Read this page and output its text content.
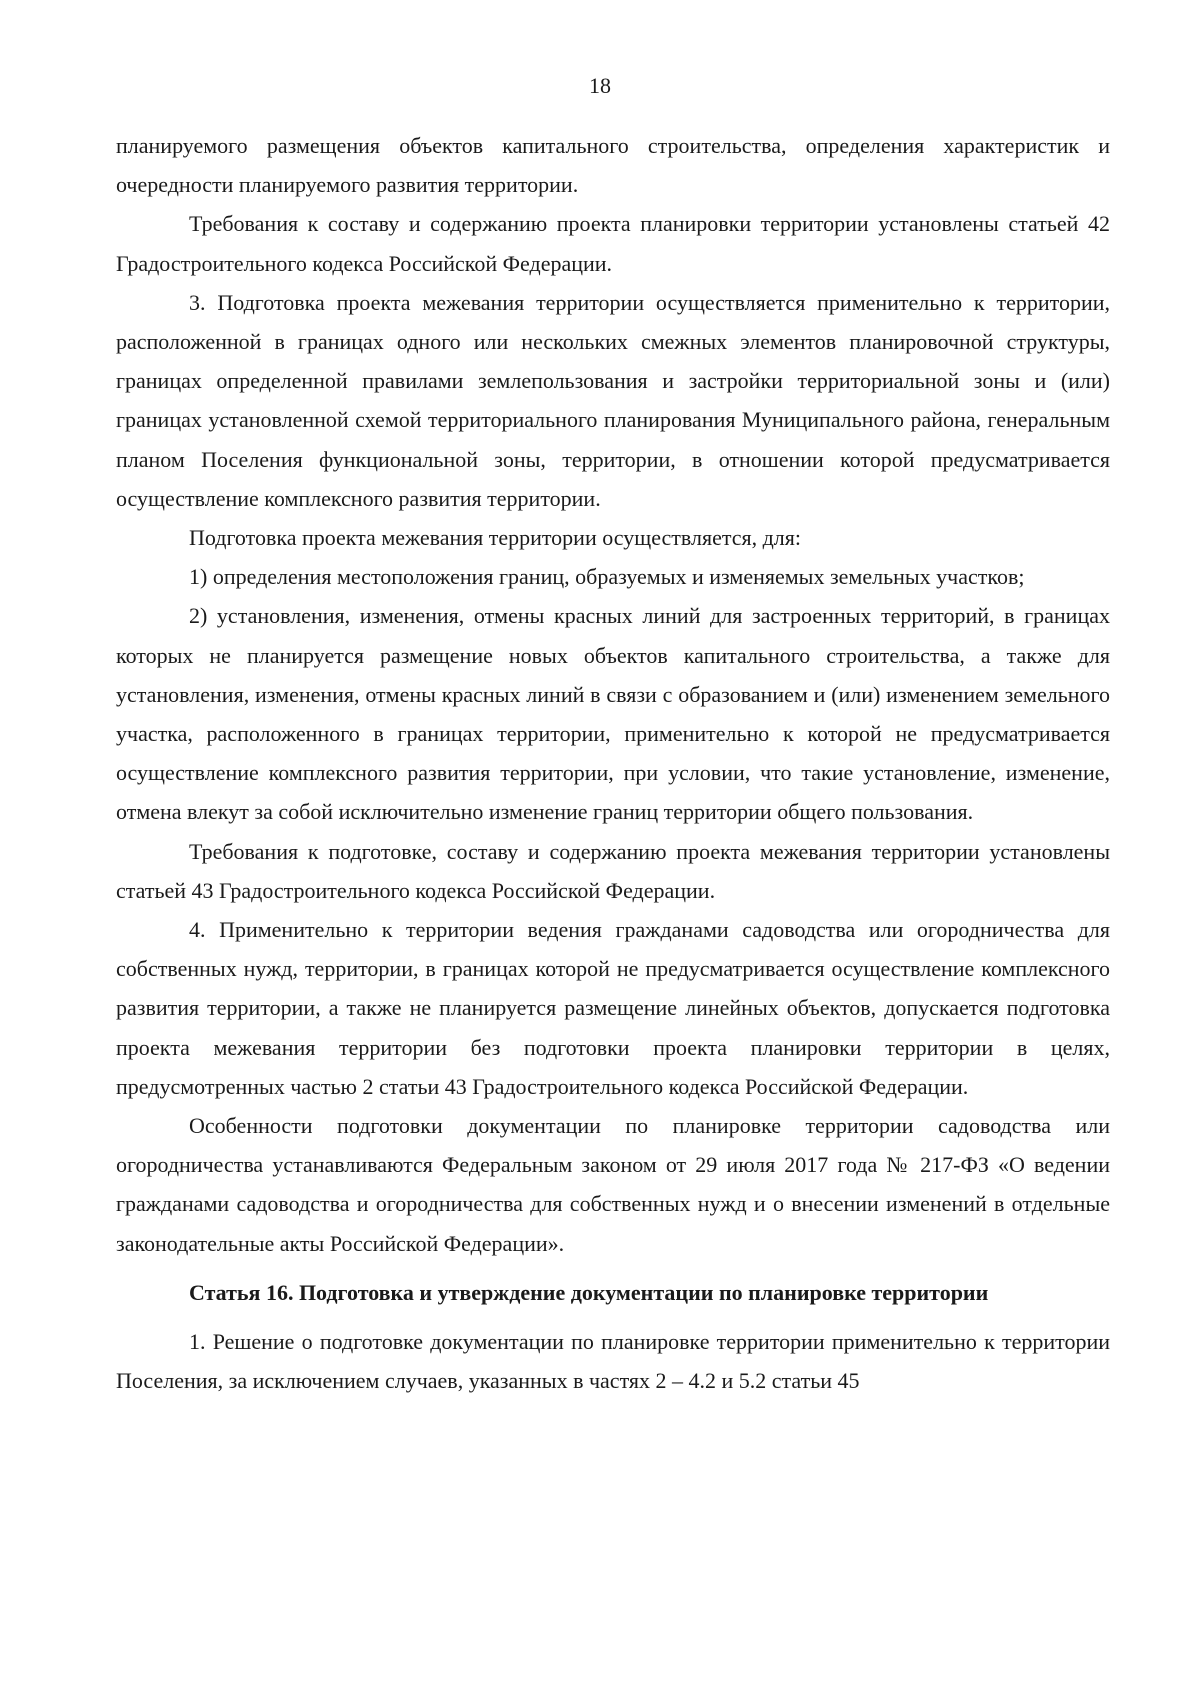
18

планируемого размещения объектов капитального строительства, определения характеристик и очередности планируемого развития территории.

Требования к составу и содержанию проекта планировки территории установлены статьей 42 Градостроительного кодекса Российской Федерации.

3. Подготовка проекта межевания территории осуществляется применительно к территории, расположенной в границах одного или нескольких смежных элементов планировочной структуры, границах определенной правилами землепользования и застройки территориальной зоны и (или) границах установленной схемой территориального планирования Муниципального района, генеральным планом Поселения функциональной зоны, территории, в отношении которой предусматривается осуществление комплексного развития территории.

Подготовка проекта межевания территории осуществляется, для:

1) определения местоположения границ, образуемых и изменяемых земельных участков;

2) установления, изменения, отмены красных линий для застроенных территорий, в границах которых не планируется размещение новых объектов капитального строительства, а также для установления, изменения, отмены красных линий в связи с образованием и (или) изменением земельного участка, расположенного в границах территории, применительно к которой не предусматривается осуществление комплексного развития территории, при условии, что такие установление, изменение, отмена влекут за собой исключительно изменение границ территории общего пользования.

Требования к подготовке, составу и содержанию проекта межевания территории установлены статьей 43 Градостроительного кодекса Российской Федерации.

4. Применительно к территории ведения гражданами садоводства или огородничества для собственных нужд, территории, в границах которой не предусматривается осуществление комплексного развития территории, а также не планируется размещение линейных объектов, допускается подготовка проекта межевания территории без подготовки проекта планировки территории в целях, предусмотренных частью 2 статьи 43 Градостроительного кодекса Российской Федерации.

Особенности подготовки документации по планировке территории садоводства или огородничества устанавливаются Федеральным законом от 29 июля 2017 года № 217-ФЗ «О ведении гражданами садоводства и огородничества для собственных нужд и о внесении изменений в отдельные законодательные акты Российской Федерации».

Статья 16. Подготовка и утверждение документации по планировке территории

1. Решение о подготовке документации по планировке территории применительно к территории Поселения, за исключением случаев, указанных в частях 2 – 4.2 и 5.2 статьи 45
